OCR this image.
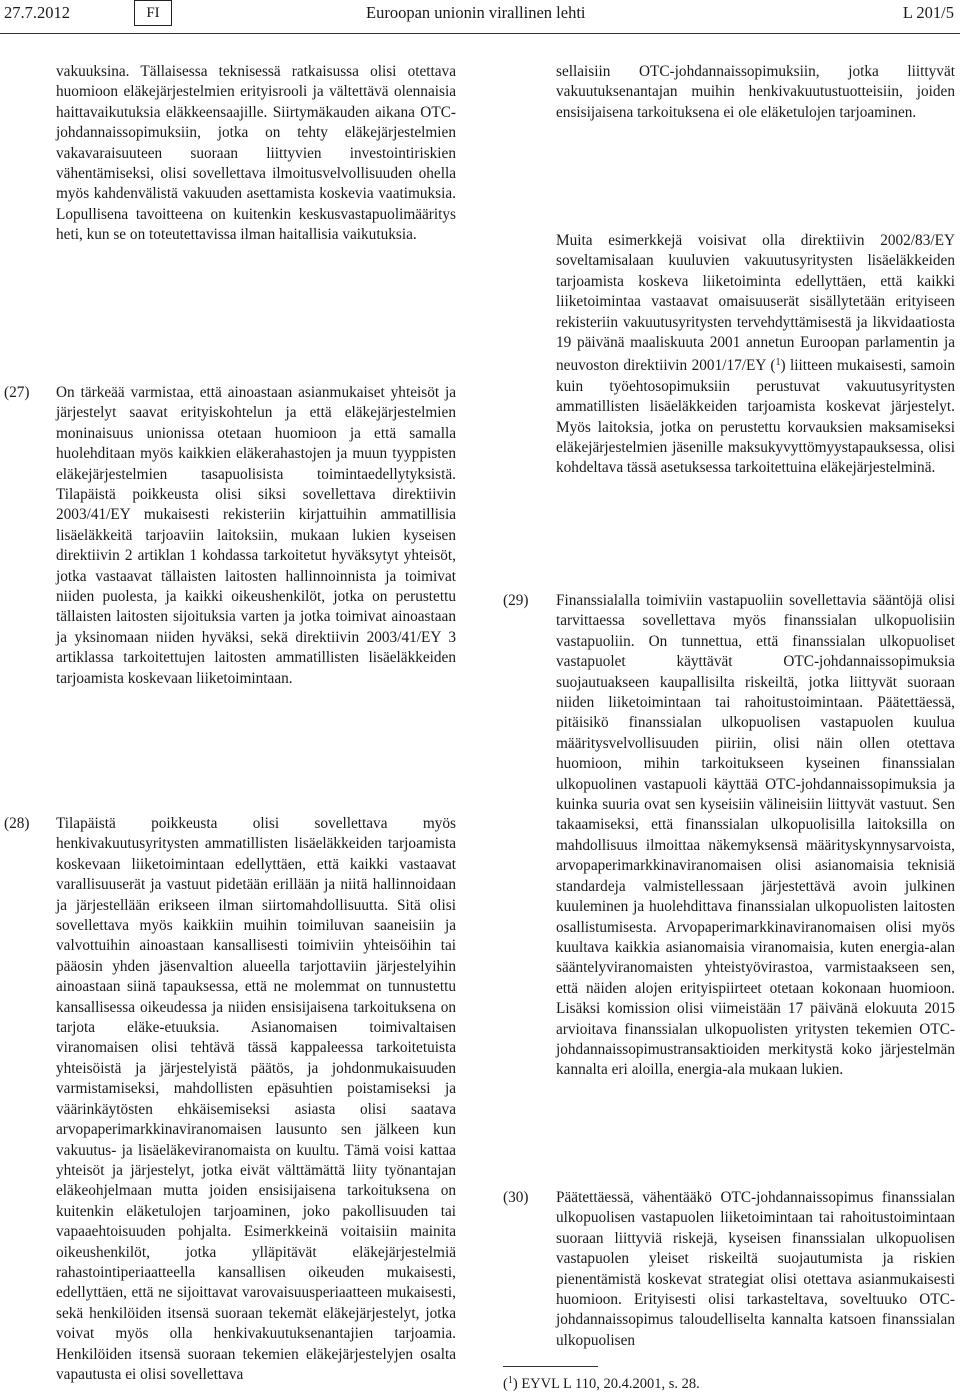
27.7.2012	FI	Euroopan unionin virallinen lehti	L 201/5

vakuuksina. Tällaisessa teknisessä ratkaisussa olisi otettava huomioon eläkejärjestelmien erityisrooli ja vältettävä olennaisia haittavaikutuksia eläkkeensaajille. Siirtymäkauden aikana OTC-johdannaissopimuksiin, jotka on tehty eläkejärjestelmien vakavaraisuuteen suoraan liittyvien investointiriskien vähentämiseksi, olisi sovellettava ilmoitusvelvollisuuden ohella myös kahdenvälistä vakuuden asettamista koskevia vaatimuksia. Lopullisena tavoitteena on kuitenkin keskusvastapuolimääritys heti, kun se on toteutettavissa ilman haitallisia vaikutuksia.

(27) On tärkeää varmistaa, että ainoastaan asianmukaiset yhteisöt ja järjestelyt saavat erityiskohtelun ja että eläkejärjestelmien moninaisuus unionissa otetaan huomioon ja että samalla huolehditaan myös kaikkien eläkerahastojen ja muun tyyppisten eläkejärjestelmien tasapuolisista toimintaedellytyksistä. Tilapäistä poikkeusta olisi siksi sovellettava direktiivin 2003/41/EY mukaisesti rekisteriin kirjattuihin ammatillisia lisäeläkkeitä tarjoaviin laitoksiin, mukaan lukien kyseisen direktiivin 2 artiklan 1 kohdassa tarkoitetut hyväksytyt yhteisöt, jotka vastaavat tällaisten laitosten hallinnoinnista ja toimivat niiden puolesta, ja kaikki oikeushenkilöt, jotka on perustettu tällaisten laitosten sijoituksia varten ja jotka toimivat ainoastaan ja yksinomaan niiden hyväksi, sekä direktiivin 2003/41/EY 3 artiklassa tarkoitettujen laitosten ammatillisten lisäeläkkeiden tarjoamista koskevaan liiketoimintaan.

(28) Tilapäistä poikkeusta olisi sovellettava myös henkivakuutusyritysten ammatillisten lisäeläkkeiden tarjoamista koskevaan liiketoimintaan edellyttäen, että kaikki vastaavat varallisuuserät ja vastuut pidetään erillään ja niitä hallinnoidaan ja järjestellään erikseen ilman siirtomahdollisuutta. Sitä olisi sovellettava myös kaikkiin muihin toimiluvan saaneisiin ja valvottuihin ainoastaan kansallisesti toimiviin yhteisöihin tai pääosin yhden jäsenvaltion alueella tarjottaviin järjestelyihin ainoastaan siinä tapauksessa, että ne molemmat on tunnustettu kansallisessa oikeudessa ja niiden ensisijaisena tarkoituksena on tarjota eläke-etuuksia. Asianomaisen toimivaltaisen viranomaisen olisi tehtävä tässä kappaleessa tarkoitetuista yhteisöistä ja järjestelyistä päätös, ja johdonmukaisuuden varmistamiseksi, mahdollisten epäsuhtien poistamiseksi ja väärinkäytösten ehkäisemiseksi asiasta olisi saatava arvopaperimarkkinaviranomaisen lausunto sen jälkeen kun vakuutus- ja lisäeläkeviranomaista on kuultu. Tämä voisi kattaa yhteisöt ja järjestelyt, jotka eivät välttämättä liity työnantajan eläkeohjelmaan mutta joiden ensisijaisena tarkoituksena on kuitenkin eläketulojen tarjoaminen, joko pakollisuuden tai vapaaehtoisuuden pohjalta. Esimerkkeinä voitaisiin mainita oikeushenkilöt, jotka ylläpitävät eläkejärjestelmiä rahastointiperiaatteella kansallisen oikeuden mukaisesti, edellyttäen, että ne sijoittavat varovaisuusperiaatteen mukaisesti, sekä henkilöiden itsensä suoraan tekemät eläkejärjestelyt, jotka voivat myös olla henkivakuutuksenantajien tarjoamia. Henkilöiden itsensä suoraan tekemien eläkejärjestelyjen osalta vapautusta ei olisi sovellettava

sellaisiin OTC-johdannaissopimuksiin, jotka liittyvät vakuutuksenantajan muihin henkivakuutustuotteisiin, joiden ensisijaisena tarkoituksena ei ole eläketulojen tarjoaminen.

Muita esimerkkejä voisivat olla direktiivin 2002/83/EY soveltamisalaan kuuluvien vakuutusyritysten lisäeläkkeiden tarjoamista koskeva liiketoiminta edellyttäen, että kaikki liiketoimintaa vastaavat omaisuuserät sisällytetään erityiseen rekisteriin vakuutusyritysten tervehdyttämisestä ja likvidaatiosta 19 päivänä maaliskuuta 2001 annetun Euroopan parlamentin ja neuvoston direktiivin 2001/17/EY ($^1$) liitteen mukaisesti, samoin kuin työehtosopimuksiin perustuvat vakuutusyritysten ammatillisten lisäeläkkeiden tarjoamista koskevat järjestelyt. Myös laitoksia, jotka on perustettu korvauksien maksamiseksi eläkejärjestelmien jäsenille maksukyvyttömyystapauksessa, olisi kohdeltava tässä asetuksessa tarkoitettuina eläkejärjestelminä.

(29) Finanssialalla toimiviin vastapuoliin sovellettavia sääntöjä olisi tarvittaessa sovellettava myös finanssialan ulkopuolisiin vastapuoliin. On tunnettua, että finanssialan ulkopuoliset vastapuolet käyttävät OTC-johdannaissopimuksia suojautuakseen kaupallisilta riskeiltä, jotka liittyvät suoraan niiden liiketoimintaan tai rahoitustoimintaan. Päätettäessä, pitäisikö finanssialan ulkopuolisen vastapuolen kuulua määritysvelvollisuuden piiriin, olisi näin ollen otettava huomioon, mihin tarkoitukseen kyseinen finanssialan ulkopuolinen vastapuoli käyttää OTC-johdannaissopimuksia ja kuinka suuria ovat sen kyseisiin välineisiin liittyvät vastuut. Sen takaamiseksi, että finanssialan ulkopuolisilla laitoksilla on mahdollisuus ilmoittaa näkemyksensä määrityskynnysarvoista, arvopaperimarkkinaviranomaisen olisi asianomaisia teknisiä standardeja valmistellessaan järjestettävä avoin julkinen kuuleminen ja huolehdittava finanssialan ulkopuolisten laitosten osallistumisesta. Arvopaperimarkkinaviranomaisen olisi myös kuultava kaikkia asianomaisia viranomaisia, kuten energia-alan sääntelyviranomaisten yhteistyövirastoa, varmistaakseen sen, että näiden alojen erityispiirteet otetaan kokonaan huomioon. Lisäksi komission olisi viimeistään 17 päivänä elokuuta 2015 arvioitava finanssialan ulkopuolisten yritysten tekemien OTC-johdannaissopimustransaktioiden merkitystä koko järjestelmän kannalta eri aloilla, energia-ala mukaan lukien.

(30) Päätettäessä, vähentääkö OTC-johdannaissopimus finanssialan ulkopuolisen vastapuolen liiketoimintaan tai rahoitustoimintaan suoraan liittyviä riskejä, kyseisen finanssialan ulkopuolisen vastapuolen yleiset riskeiltä suojautumista ja riskien pienentämistä koskevat strategiat olisi otettava asianmukaisesti huomioon. Erityisesti olisi tarkasteltava, soveltuuko OTC-johdannaissopimus taloudelliselta kannalta katsoen finanssialan ulkopuolisen

($^1$) EYVL L 110, 20.4.2001, s. 28.
